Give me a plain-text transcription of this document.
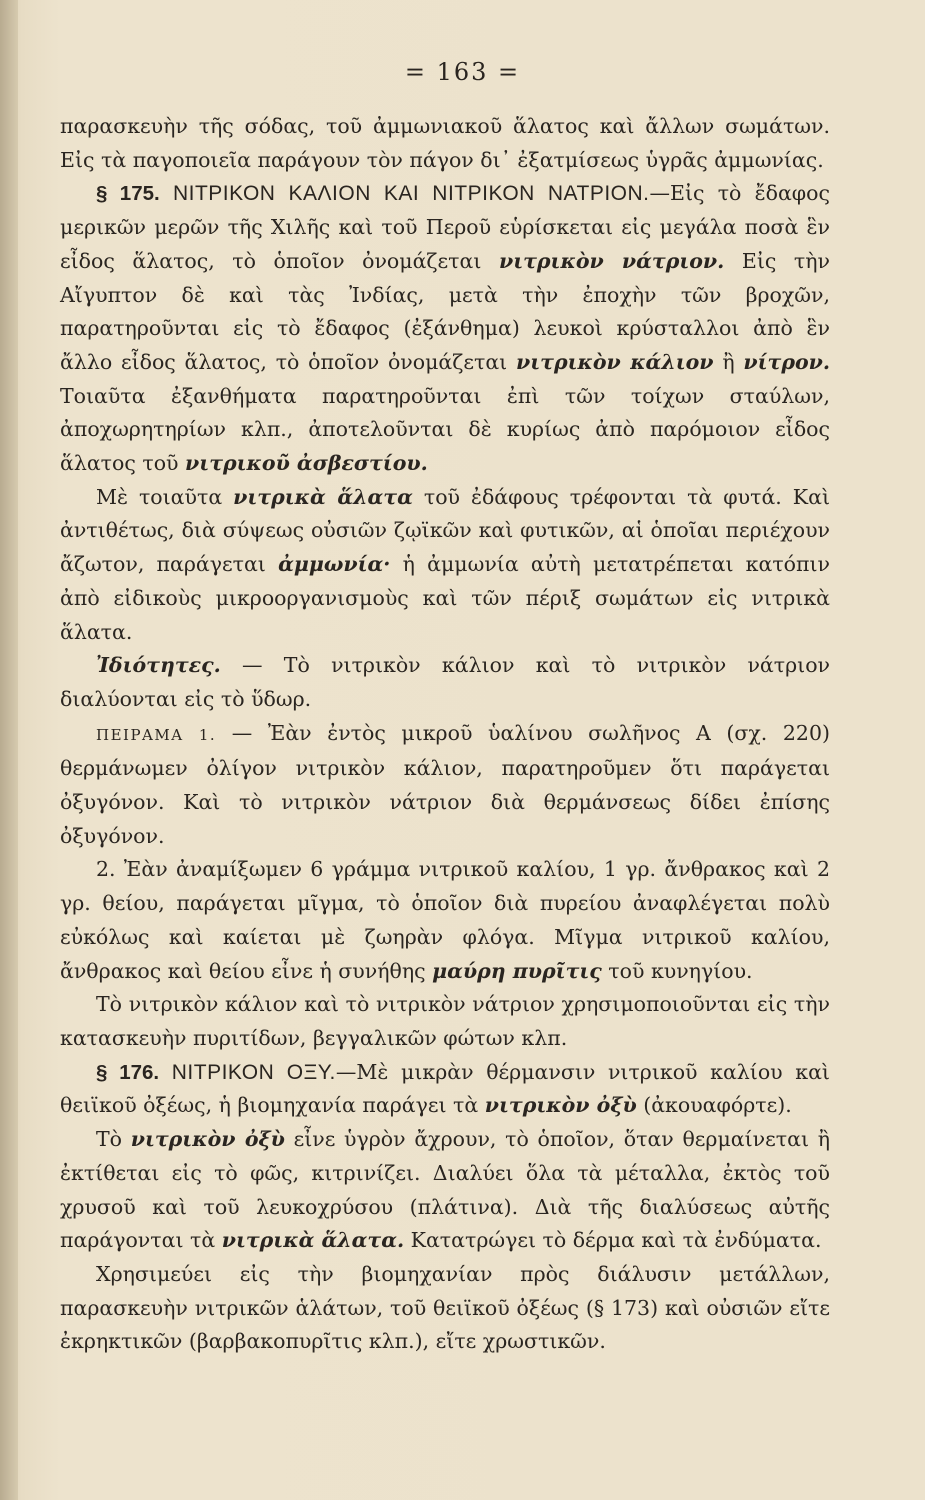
= 163 =

παρασκευὴν τῆς σόδας, τοῦ ἀμμωνιακοῦ ἅλατος καὶ ἄλλων σωμάτων. Εἰς τὰ παγοποιεῖα παράγουν τὸν πάγον δι᾽ ἐξατμίσεως ὑγρᾶς ἀμμωνίας.

§ 175. ΝΙΤΡΙΚΟΝ ΚΑΛΙΟΝ ΚΑΙ ΝΙΤΡΙΚΟΝ ΝΑΤΡΙΟΝ.—Εἰς τὸ ἔδαφος μερικῶν μερῶν τῆς Χιλῆς καὶ τοῦ Περοῦ εὑρίσκεται εἰς μεγάλα ποσὰ ἓν εἶδος ἅλατος, τὸ ὁποῖον ὀνομάζεται νιτρικὸν νάτριον. Εἰς τὴν Αἴγυπτον δὲ καὶ τὰς Ἰνδίας, μετὰ τὴν ἐποχὴν τῶν βροχῶν, παρατηροῦνται εἰς τὸ ἔδαφος (ἐξάνθημα) λευκοὶ κρύσταλλοι ἀπὸ ἓν ἄλλο εἶδος ἅλατος, τὸ ὁποῖον ὀνομάζεται νιτρικὸν κάλιον ἢ νίτρον. Τοιαῦτα ἐξανθήματα παρατηροῦνται ἐπὶ τῶν τοίχων σταύλων, ἀποχωρητηρίων κλπ., ἀποτελοῦνται δὲ κυρίως ἀπὸ παρόμοιον εἶδος ἅλατος τοῦ νιτρικοῦ ἀσβεστίου.

Μὲ τοιαῦτα νιτρικὰ ἅλατα τοῦ ἐδάφους τρέφονται τὰ φυτά. Καὶ ἀντιθέτως, διὰ σύψεως οὐσιῶν ζῳϊκῶν καὶ φυτικῶν, αἱ ὁποῖαι περιέχουν ἄζωτον, παράγεται ἀμμωνία· ἡ ἀμμωνία αὐτὴ μετατρέπεται κατόπιν ἀπὸ εἰδικοὺς μικροοργανισμοὺς καὶ τῶν πέριξ σωμάτων εἰς νιτρικὰ ἅλατα.

Ἰδιότητες. — Τὸ νιτρικὸν κάλιον καὶ τὸ νιτρικὸν νάτριον διαλύονται εἰς τὸ ὕδωρ.

ΠΕΙΡΑΜΑ 1. — Ἐὰν ἐντὸς μικροῦ ὑαλίνου σωλῆνος Α (σχ. 220) θερμάνωμεν ὀλίγον νιτρικὸν κάλιον, παρατηροῦμεν ὅτι παράγεται ὀξυγόνον. Καὶ τὸ νιτρικὸν νάτριον διὰ θερμάνσεως δίδει ἐπίσης ὀξυγόνον.

2. Ἐὰν ἀναμίξωμεν 6 γράμμα νιτρικοῦ καλίου, 1 γρ. ἄνθρακος καὶ 2 γρ. θείου, παράγεται μῖγμα, τὸ ὁποῖον διὰ πυρείου ἀναφλέγεται πολὺ εὐκόλως καὶ καίεται μὲ ζωηρὰν φλόγα. Μῖγμα νιτρικοῦ καλίου, ἄνθρακος καὶ θείου εἶνε ἡ συνήθης μαύρη πυρῖτις τοῦ κυνηγίου.

Τὸ νιτρικὸν κάλιον καὶ τὸ νιτρικὸν νάτριον χρησιμοποιοῦνται εἰς τὴν κατασκευὴν πυριτίδων, βεγγαλικῶν φώτων κλπ.

§ 176. ΝΙΤΡΙΚΟΝ ΟΞΥ.—Μὲ μικρὰν θέρμανσιν νιτρικοῦ καλίου καὶ θειϊκοῦ ὀξέως, ἡ βιομηχανία παράγει τὰ νιτρικὸν ὀξὺ (ἀκουαφόρτε).

Τὸ νιτρικὸν ὀξὺ εἶνε ὑγρὸν ἄχρουν, τὸ ὁποῖον, ὅταν θερμαίνεται ἢ ἐκτίθεται εἰς τὸ φῶς, κιτρινίζει. Διαλύει ὅλα τὰ μέταλλα, ἐκτὸς τοῦ χρυσοῦ καὶ τοῦ λευκοχρύσου (πλάτινα). Διὰ τῆς διαλύσεως αὐτῆς παράγονται τὰ νιτρικὰ ἅλατα. Κατατρώγει τὸ δέρμα καὶ τὰ ἐνδύματα.

Χρησιμεύει εἰς τὴν βιομηχανίαν πρὸς διάλυσιν μετάλλων, παρασκευὴν νιτρικῶν ἁλάτων, τοῦ θειϊκοῦ ὀξέως (§ 173) καὶ οὐσιῶν εἴτε ἐκρηκτικῶν (βαρβακοπυρῖτις κλπ.), εἴτε χρωστικῶν.
